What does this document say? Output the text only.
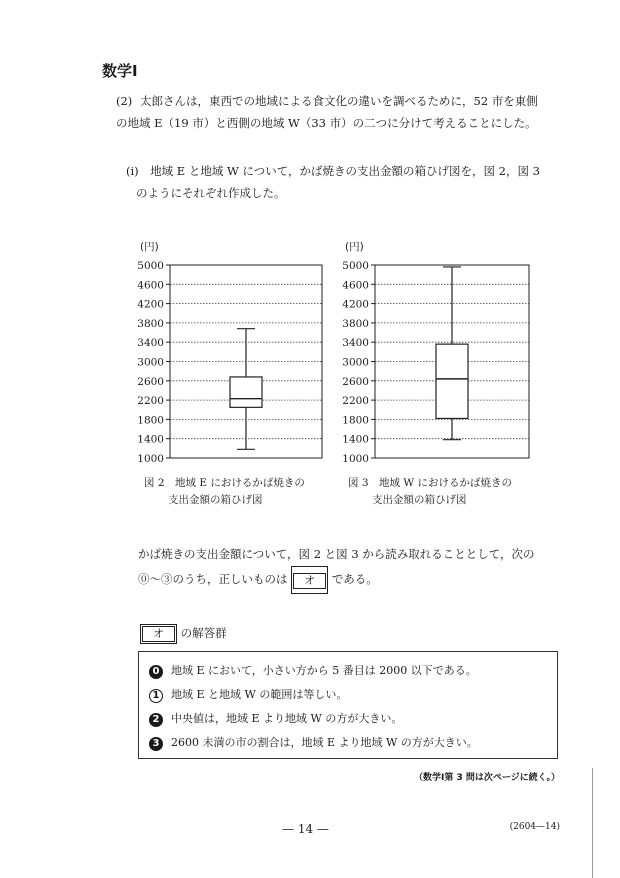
数学Ⅰ
(2) 太郎さんは，東西での地域による食文化の違いを調べるために，52 市を東側
の地域 E（19 市）と西側の地域 W（33 市）の二つに分けて考えることにした。
(i)　地域 E と地域 W について，かば焼きの支出金額の箱ひげ図を，図 2，図 3
のようにそれぞれ作成した。
(円)
1000
1400
1800
2200
2600
3000
3400
3800
4200
4600
5000
(円)
1000
1400
1800
2200
2600
3000
3400
3800
4200
4600
5000
図 2　地域 E におけるかば焼きの
支出金額の箱ひげ図
図 3　地域 W におけるかば焼きの
支出金額の箱ひげ図
かば焼きの支出金額について，図 2 と図 3 から読み取れることとして，次の
⓪〜③のうち，正しいものは オ である。
オ の解答群
0 地域 E において，小さい方から 5 番目は 2000 以下である。
1 地域 E と地域 W の範囲は等しい。
2 中央値は，地域 E より地域 W の方が大きい。
3 2600 未満の市の割合は，地域 E より地域 W の方が大きい。
（数学Ⅰ第 3 問は次ページに続く。）
— 14 —	(2604—14)
